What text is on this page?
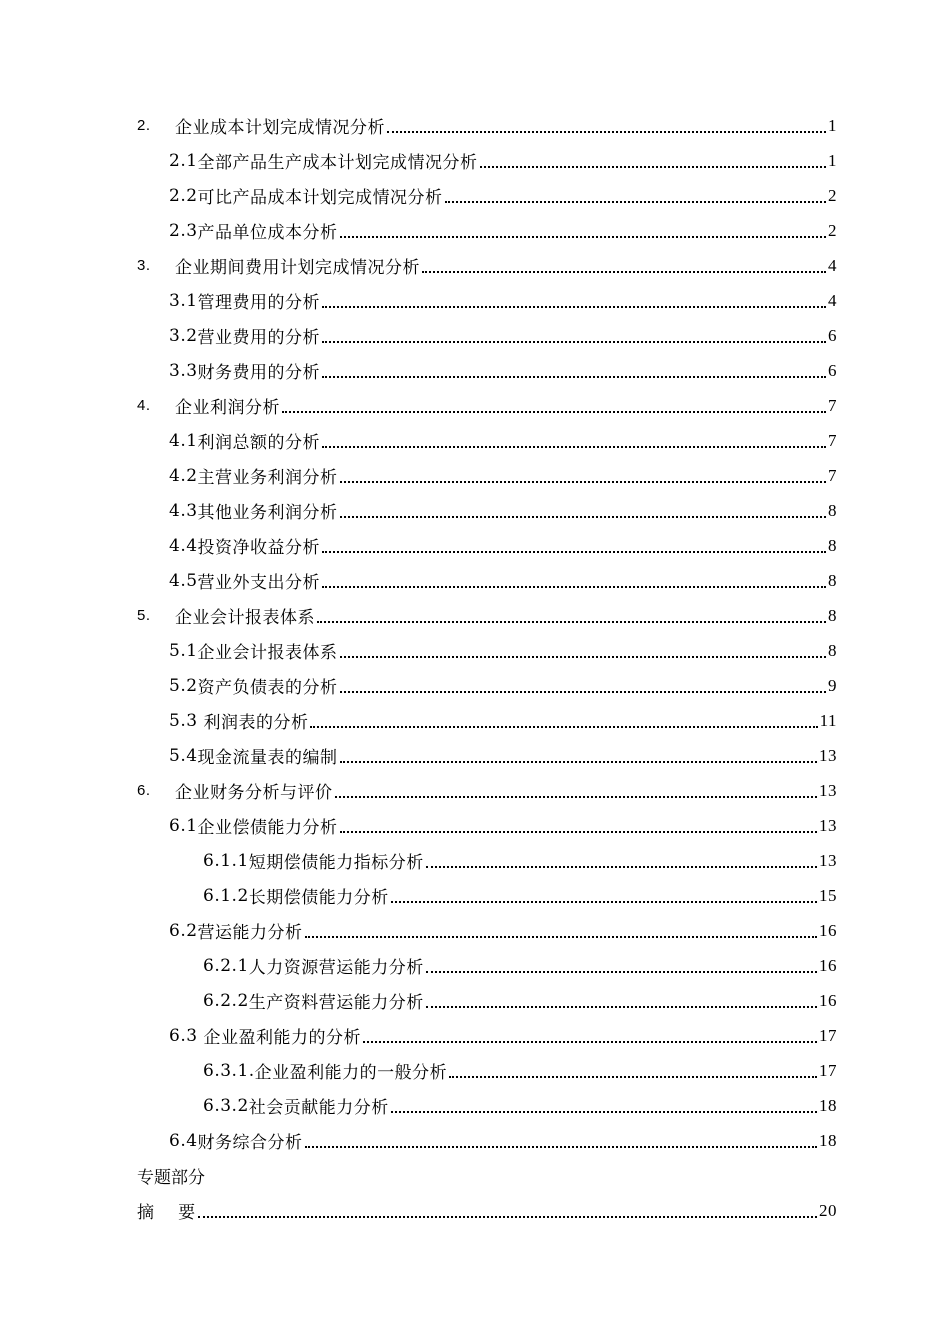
2.	企业成本计划完成情况分析	1
2.1 全部产品生产成本计划完成情况分析	1
2.2 可比产品成本计划完成情况分析	2
2.3 产品单位成本分析	2
3.	企业期间费用计划完成情况分析	4
3.1 管理费用的分析	4
3.2 营业费用的分析	6
3.3 财务费用的分析	6
4.	企业利润分析	7
4.1 利润总额的分析	7
4.2 主营业务利润分析	7
4.3 其他业务利润分析	8
4.4 投资净收益分析	8
4.5 营业外支出分析	8
5.	企业会计报表体系	8
5.1 企业会计报表体系	8
5.2 资产负债表的分析	9
5.3 利润表的分析	11
5.4 现金流量表的编制	13
6.	企业财务分析与评价	13
6.1 企业偿债能力分析	13
6.1.1 短期偿债能力指标分析	13
6.1.2 长期偿债能力分析	15
6.2 营运能力分析	16
6.2.1 人力资源营运能力分析	16
6.2.2 生产资料营运能力分析	16
6.3 企业盈利能力的分析	17
6.3.1. 企业盈利能力的一般分析	17
6.3.2 社会贡献能力分析	18
6.4 财务综合分析	18
专题部分
摘    要	20
